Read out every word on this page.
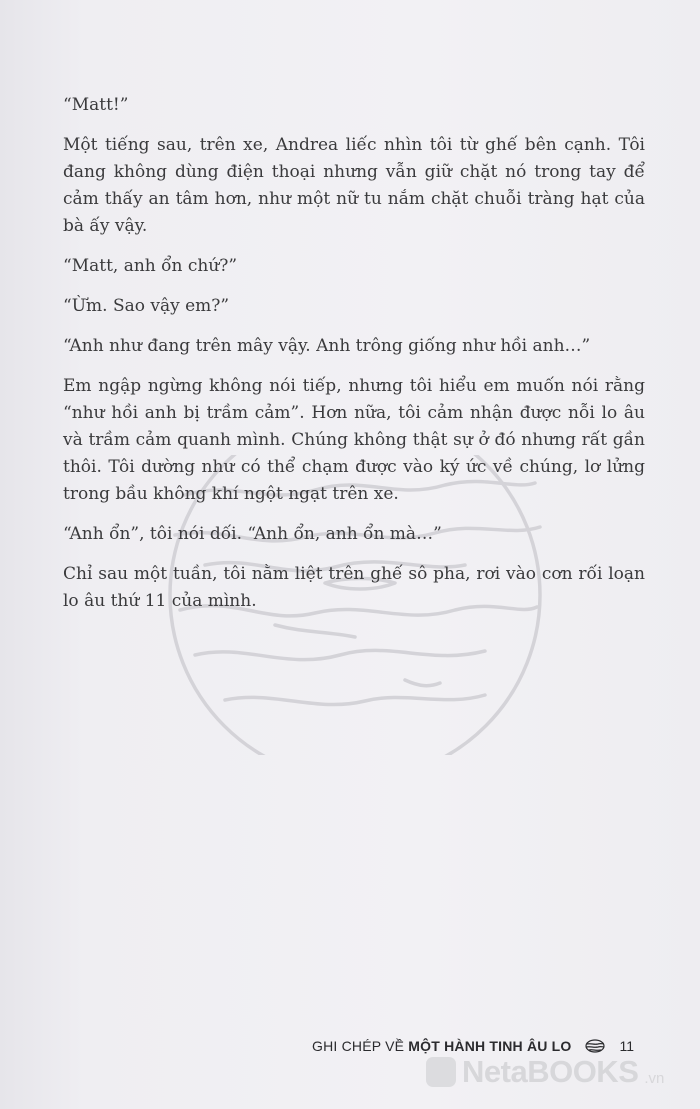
“Matt!”

Một tiếng sau, trên xe, Andrea liếc nhìn tôi từ ghế bên cạnh. Tôi đang không dùng điện thoại nhưng vẫn giữ chặt nó trong tay để cảm thấy an tâm hơn, như một nữ tu nắm chặt chuỗi tràng hạt của bà ấy vậy.

“Matt, anh ổn chứ?”

“Ừm. Sao vậy em?”

“Anh như đang trên mây vậy. Anh trông giống như hồi anh…”

Em ngập ngừng không nói tiếp, nhưng tôi hiểu em muốn nói rằng “như hồi anh bị trầm cảm”. Hơn nữa, tôi cảm nhận được nỗi lo âu và trầm cảm quanh mình. Chúng không thật sự ở đó nhưng rất gần thôi. Tôi dường như có thể chạm được vào ký ức về chúng, lơ lửng trong bầu không khí ngột ngạt trên xe.

“Anh ổn”, tôi nói dối. “Anh ổn, anh ổn mà…”

Chỉ sau một tuần, tôi nằm liệt trên ghế sô pha, rơi vào cơn rối loạn lo âu thứ 11 của mình.

GHI CHÉP VỀ MỘT HÀNH TINH ÂU LO	11
NetaBOOKS .vn
